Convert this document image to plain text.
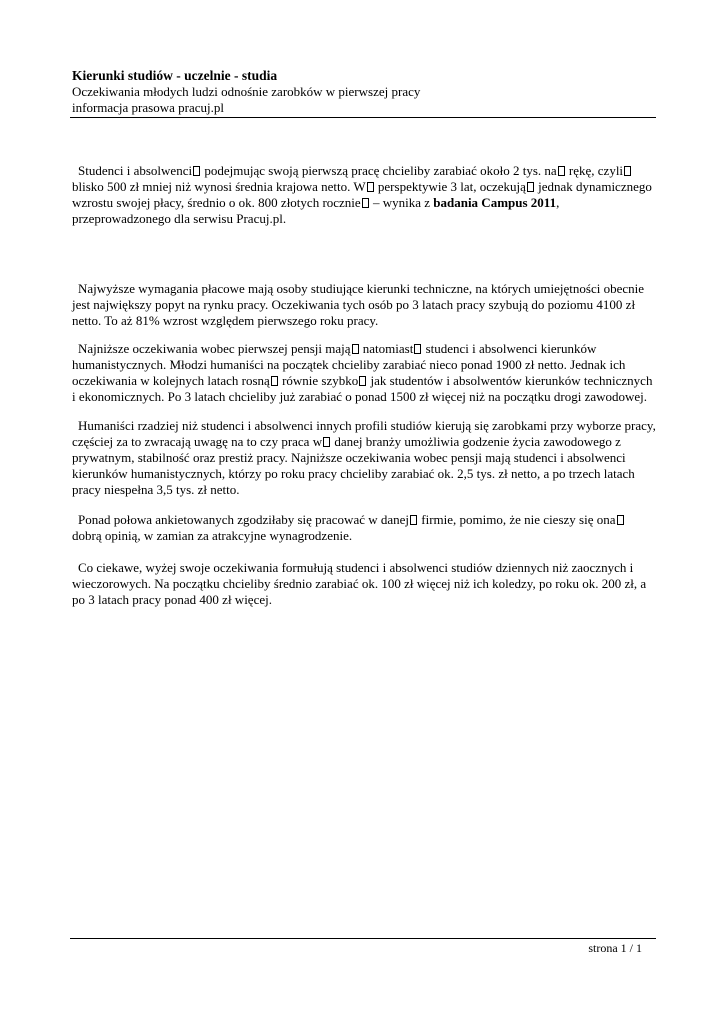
Kierunki studiów - uczelnie - studia

Oczekiwania młodych ludzi odnośnie zarobków w pierwszej pracy

informacja prasowa pracuj.pl

Studenci i absolwenci podejmując swoją pierwszą pracę chcieliby zarabiać około 2 tys. na rękę, czyli blisko 500 zł mniej niż wynosi średnia krajowa netto. W perspektywie 3 lat, oczekują jednak dynamicznego wzrostu swojej płacy, średnio o ok. 800 złotych rocznie – wynika z badania Campus 2011, przeprowadzonego dla serwisu Pracuj.pl.

Najwyższe wymagania płacowe mają osoby studiujące kierunki techniczne, na których umiejętności obecnie jest największy popyt na rynku pracy. Oczekiwania tych osób po 3 latach pracy szybują do poziomu 4100 zł netto. To aż 81% wzrost względem pierwszego roku pracy.

Najniższe oczekiwania wobec pierwszej pensji mają natomiast studenci i absolwenci kierunków humanistycznych. Młodzi humaniści na początek chcieliby zarabiać nieco ponad 1900 zł netto. Jednak ich oczekiwania w kolejnych latach rosną równie szybko jak studentów i absolwentów kierunków technicznych i ekonomicznych. Po 3 latach chcieliby już zarabiać o ponad 1500 zł więcej niż na początku drogi zawodowej.

Humaniści rzadziej niż studenci i absolwenci innych profili studiów kierują się zarobkami przy wyborze pracy, częściej za to zwracają uwagę na to czy praca w danej branży umożliwia godzenie życia zawodowego z prywatnym, stabilność oraz prestiż pracy. Najniższe oczekiwania wobec pensji mają studenci i absolwenci kierunków humanistycznych, którzy po roku pracy chcieliby zarabiać ok. 2,5 tys. zł netto, a po trzech latach pracy niespełna 3,5 tys. zł netto.

Ponad połowa ankietowanych zgodziłaby się pracować w danej firmie, pomimo, że nie cieszy się ona dobrą opinią, w zamian za atrakcyjne wynagrodzenie.

Co ciekawe, wyżej swoje oczekiwania formułują studenci i absolwenci studiów dziennych niż zaocznych i wieczorowych. Na początku chcieliby średnio zarabiać ok. 100 zł więcej niż ich koledzy, po roku ok. 200 zł, a po 3 latach pracy ponad 400 zł więcej.

strona 1 / 1
